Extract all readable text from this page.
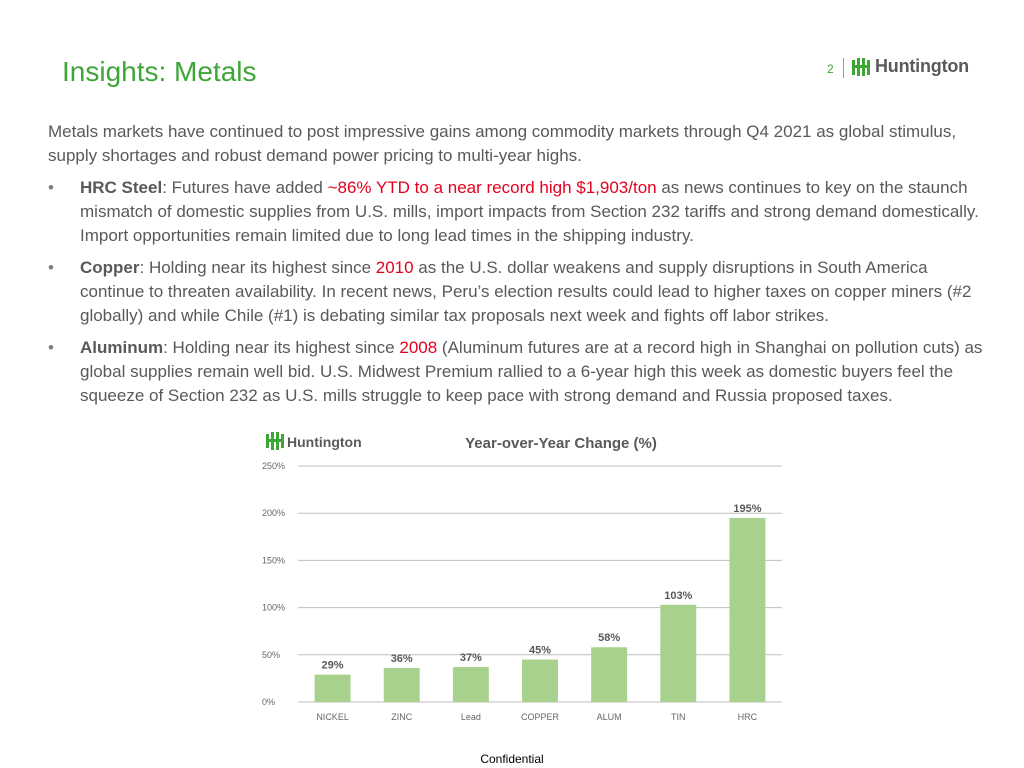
Insights: Metals	2 Huntington

Metals markets have continued to post impressive gains among commodity markets through Q4 2021 as global stimulus, supply shortages and robust demand power pricing to multi-year highs.

• HRC Steel: Futures have added ~86% YTD to a near record high $1,903/ton as news continues to key on the staunch mismatch of domestic supplies from U.S. mills, import impacts from Section 232 tariffs and strong demand domestically. Import opportunities remain limited due to long lead times in the shipping industry.
• Copper: Holding near its highest since 2010 as the U.S. dollar weakens and supply disruptions in South America continue to threaten availability. In recent news, Peru’s election results could lead to higher taxes on copper miners (#2 globally) and while Chile (#1) is debating similar tax proposals next week and fights off labor strikes.
• Aluminum: Holding near its highest since 2008 (Aluminum futures are at a record high in Shanghai on pollution cuts) as global supplies remain well bid. U.S. Midwest Premium rallied to a 6-year high this week as domestic buyers feel the squeeze of Section 232 as U.S. mills struggle to keep pace with strong demand and Russia proposed taxes.
Huntington	Year-over-Year Change (%)
0%
50%
100%
150%
200%
250%
29%
NICKEL
36%
ZINC
37%
Lead
45%
COPPER
58%
ALUM
103%
TIN
195%
HRC
Confidential
